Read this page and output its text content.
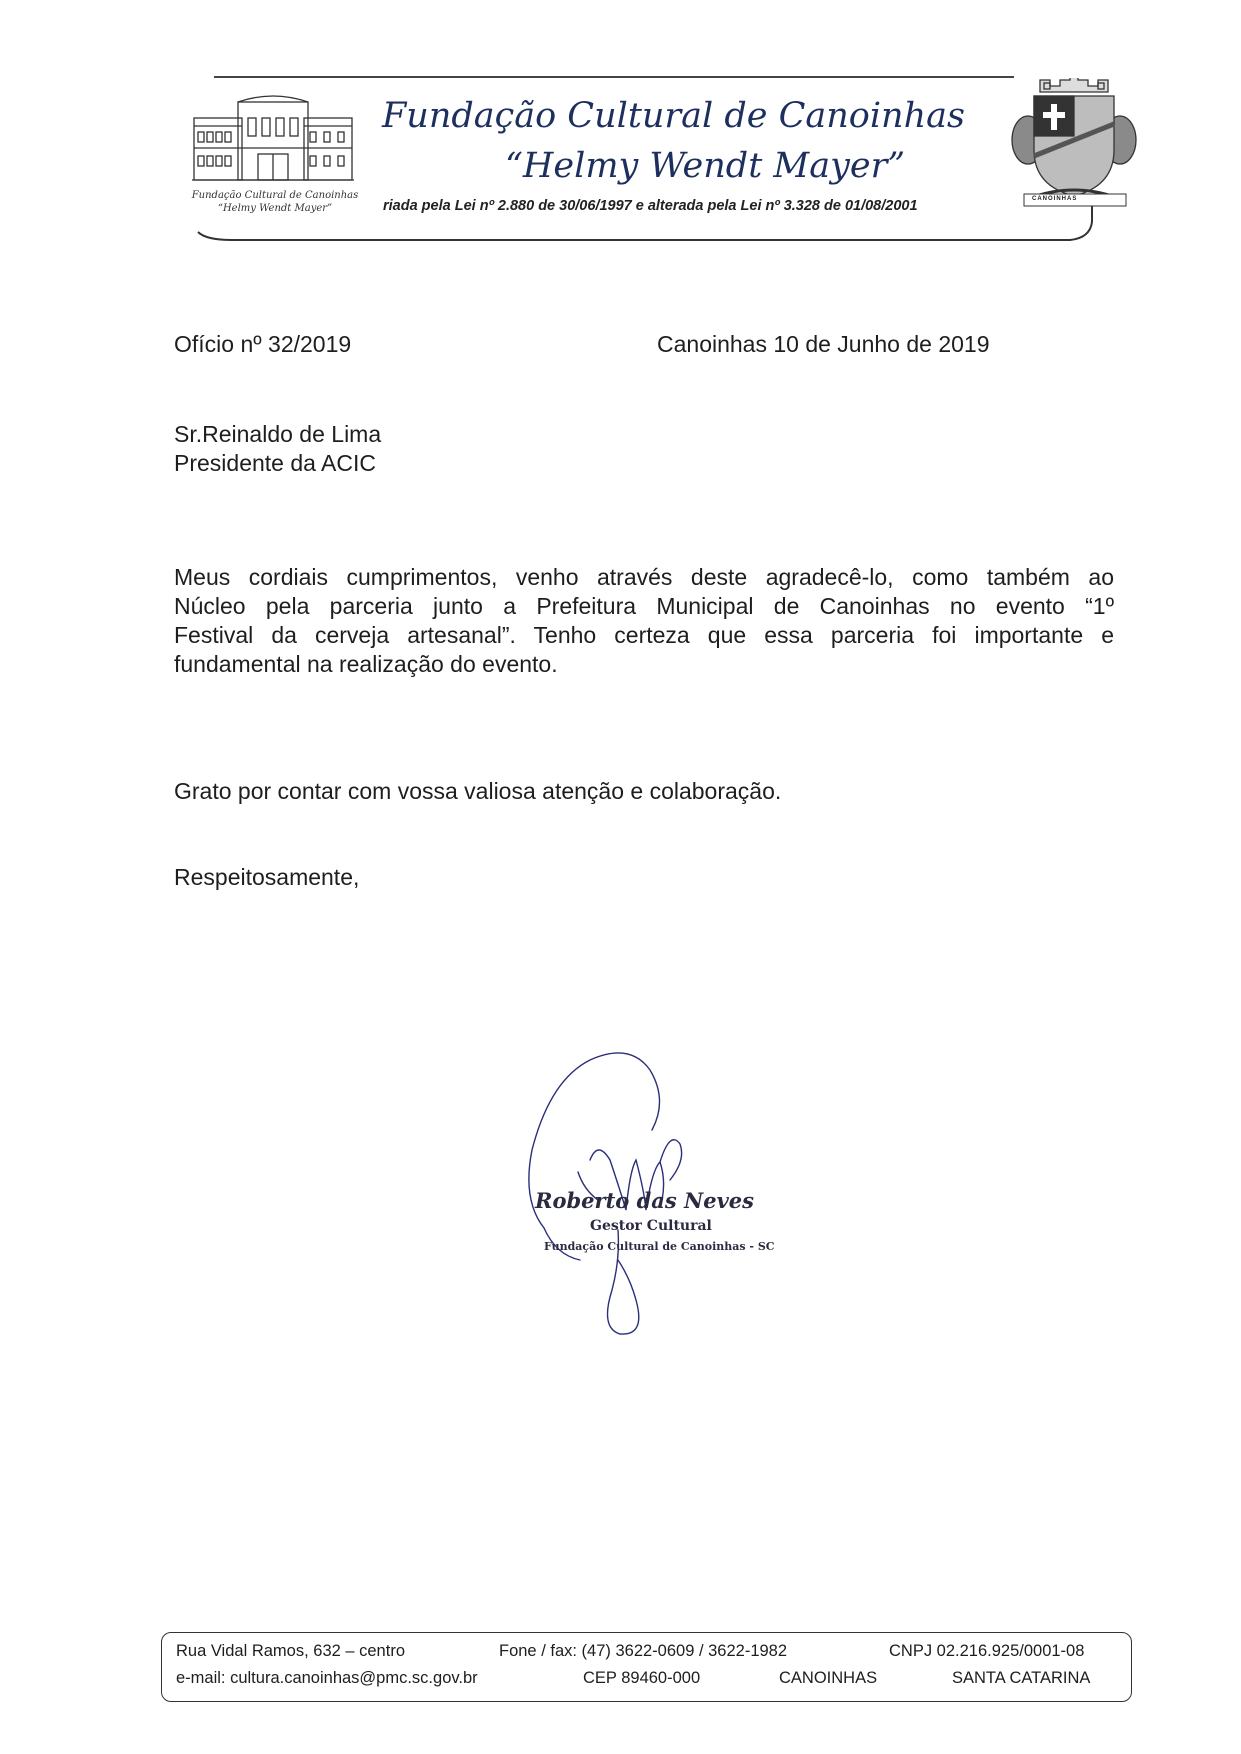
Fundação Cultural de Canoinhas
“Helmy Wendt Mayer”
Fundação Cultural de Canoinhas
“Helmy Wendt Mayer”
riada pela Lei nº 2.880 de 30/06/1997 e alterada pela Lei nº 3.328 de 01/08/2001	CANOINHAS
Ofício nº 32/2019	Canoinhas 10 de Junho de 2019
Sr.Reinaldo de Lima
Presidente da ACIC
Meus cordiais cumprimentos, venho através deste agradecê-lo, como também ao
Núcleo pela parceria junto a Prefeitura Municipal de Canoinhas no evento “1º
Festival da cerveja artesanal”. Tenho certeza que essa parceria foi importante e
fundamental na realização do evento.
Grato por contar com vossa valiosa atenção e colaboração.
Respeitosamente,
Roberto das Neves
Gestor Cultural
Fundação Cultural de Canoinhas - SC
Rua Vidal Ramos, 632 – centro	Fone / fax: (47) 3622-0609 / 3622-1982	CNPJ 02.216.925/0001-08
e-mail: cultura.canoinhas@pmc.sc.gov.br	CEP 89460-000	CANOINHAS	SANTA CATARINA
